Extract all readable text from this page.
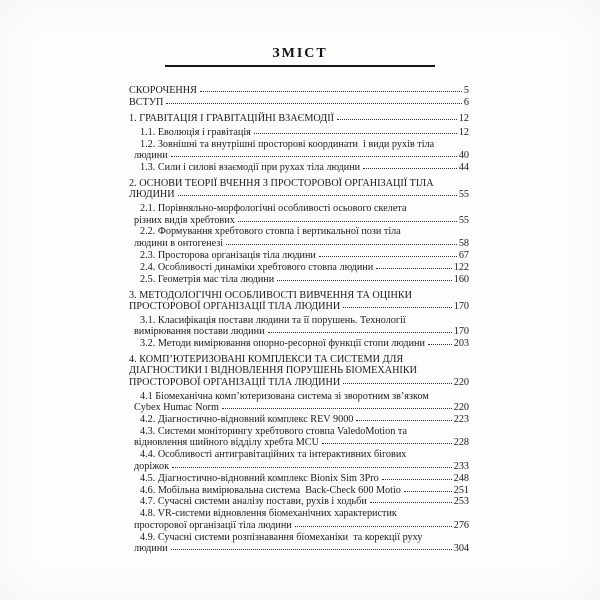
ЗМІСТ
СКОРОЧЕННЯ	5
ВСТУП	6
1. ГРАВІТАЦІЯ І ГРАВІТАЦІЙНІ ВЗАЄМОДІЇ	12
1.1. Еволюція і гравітація	12
1.2. Зовнішні та внутрішні просторові координати  і види рухів тіла
людини	40
1.3. Сили і силові взаємодії при рухах тіла людини	44
2. ОСНОВИ ТЕОРІЇ ВЧЕННЯ З ПРОСТОРОВОЇ ОРГАНІЗАЦІЇ ТІЛА
ЛЮДИНИ	55
2.1. Порівняльно-морфологічні особливості осьового скелета
різних видів хребтових	55
2.2. Формування хребтового стовпа і вертикальної пози тіла
людини в онтогенезі	58
2.3. Просторова організація тіла людини	67
2.4. Особливості динаміки хребтового стовпа людини	122
2.5. Геометрія мас тіла людини	160
3. МЕТОДОЛОГІЧНІ ОСОБЛИВОСТІ ВИВЧЕННЯ ТА ОЦІНКИ
ПРОСТОРОВОЇ ОРГАНІЗАЦІЇ ТІЛА ЛЮДИНИ	170
3.1. Класифікація постави людини та її порушень. Технології
вимірювання постави людини	170
3.2. Методи вимірювання опорно-ресорної функції стопи людини	203
4. КОМП’ЮТЕРИЗОВАНІ КОМПЛЕКСИ ТА СИСТЕМИ ДЛЯ
ДІАГНОСТИКИ І ВІДНОВЛЕННЯ ПОРУШЕНЬ БІОМЕХАНІКИ
ПРОСТОРОВОЇ ОРГАНІЗАЦІЇ ТІЛА ЛЮДИНИ	220
4.1 Біомеханічна комп’ютеризована система зі зворотним зв’язком
Cybex Humac Norm	220
4.2. Діагностично-відновний комплекс REV 9000	223
4.3. Системи моніторингу хребтового стовпа ValedoMotion та
відновлення шийного відділу хребта MCU	228
4.4. Особливості антигравітаційних та інтерактивних бігових
доріжок	233
4.5. Діагностично-відновний комплекс Bionix Sim 3Pro	248
4.6. Мобільна вимірювальна система  Back-Check 600 Motio	251
4.7. Сучасні системи аналізу постави, рухів і ходьби	253
4.8. VR-системи відновлення біомеханічних характеристик
просторової організації тіла людини	276
4.9. Сучасні системи розпізнавання біомеханіки  та корекції руху
людини	304
